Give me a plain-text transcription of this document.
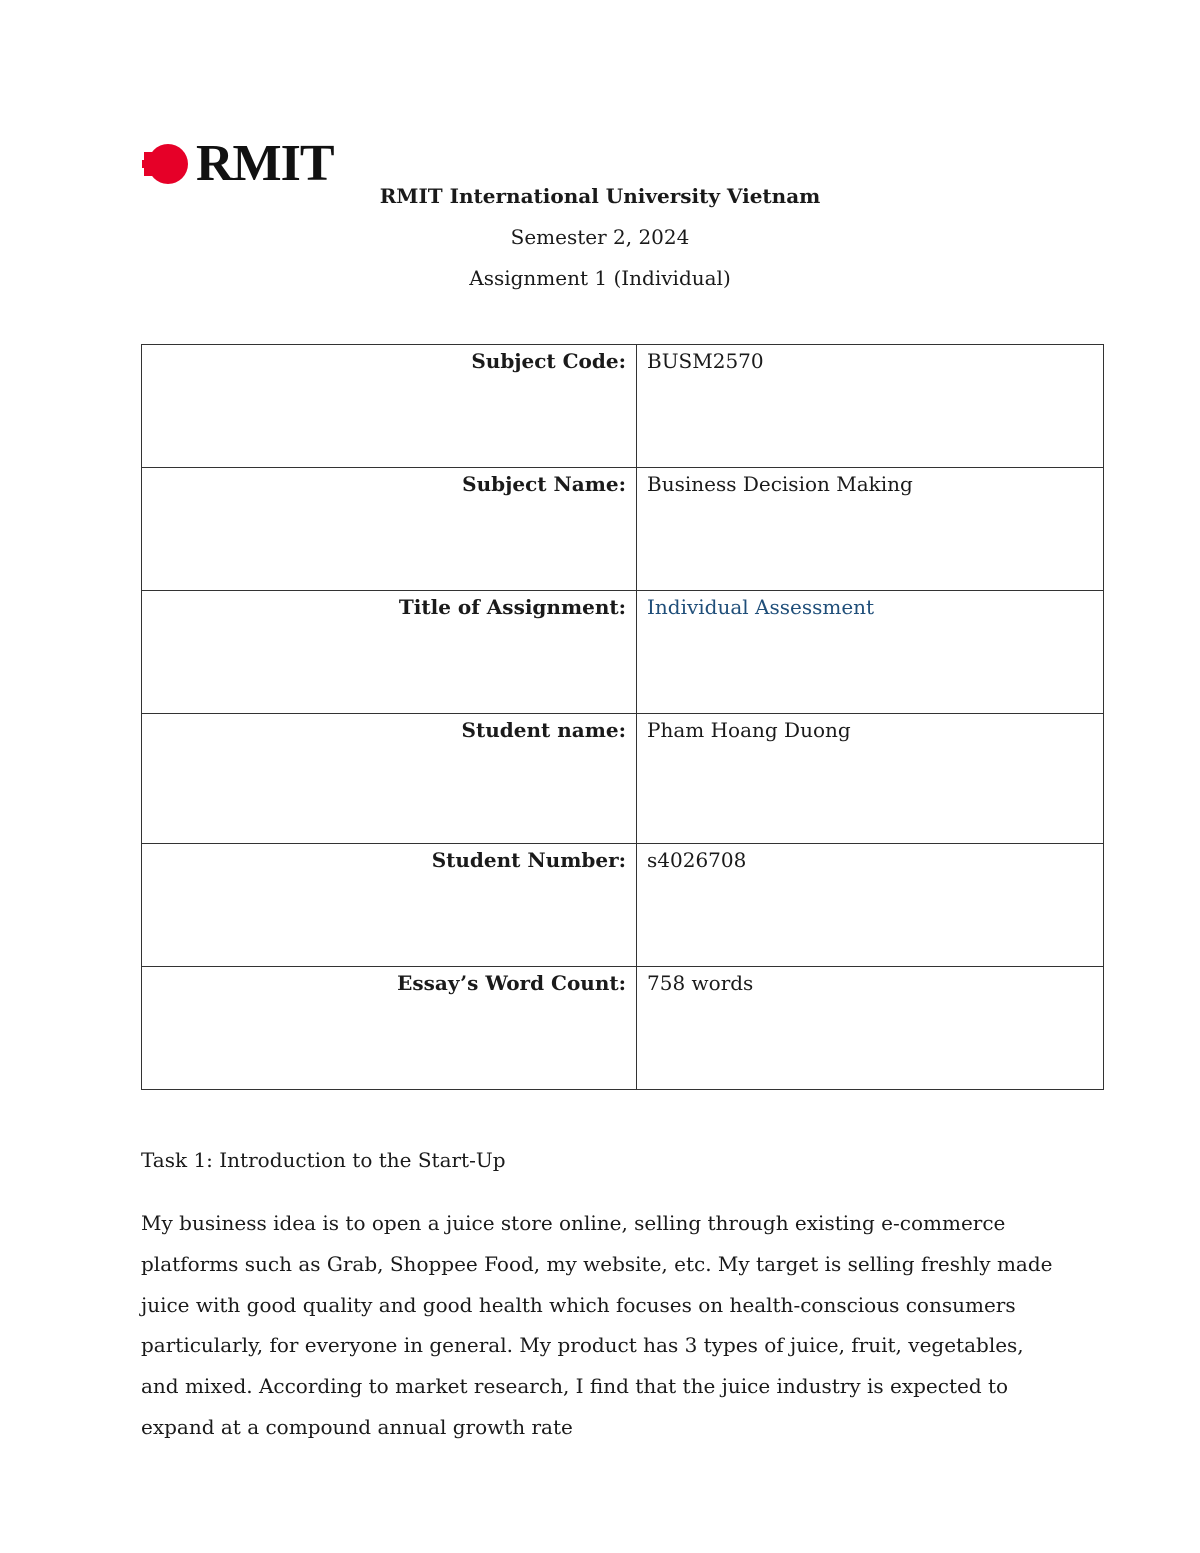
RMIT
RMIT International University Vietnam
Semester 2, 2024
Assignment 1 (Individual)
Subject Code:	BUSM2570
Subject Name:	Business Decision Making
Title of Assignment:	Individual Assessment
Student name:	Pham Hoang Duong
Student Number:	s4026708
Essay’s Word Count:	758 words
Task 1: Introduction to the Start-Up
My business idea is to open a juice store online, selling through existing e-commerce platforms such as Grab, Shoppee Food, my website, etc. My target is selling freshly made juice with good quality and good health which focuses on health-conscious consumers particularly, for everyone in general. My product has 3 types of juice, fruit, vegetables, and mixed. According to market research, I find that the juice industry is expected to expand at a compound annual growth rate
